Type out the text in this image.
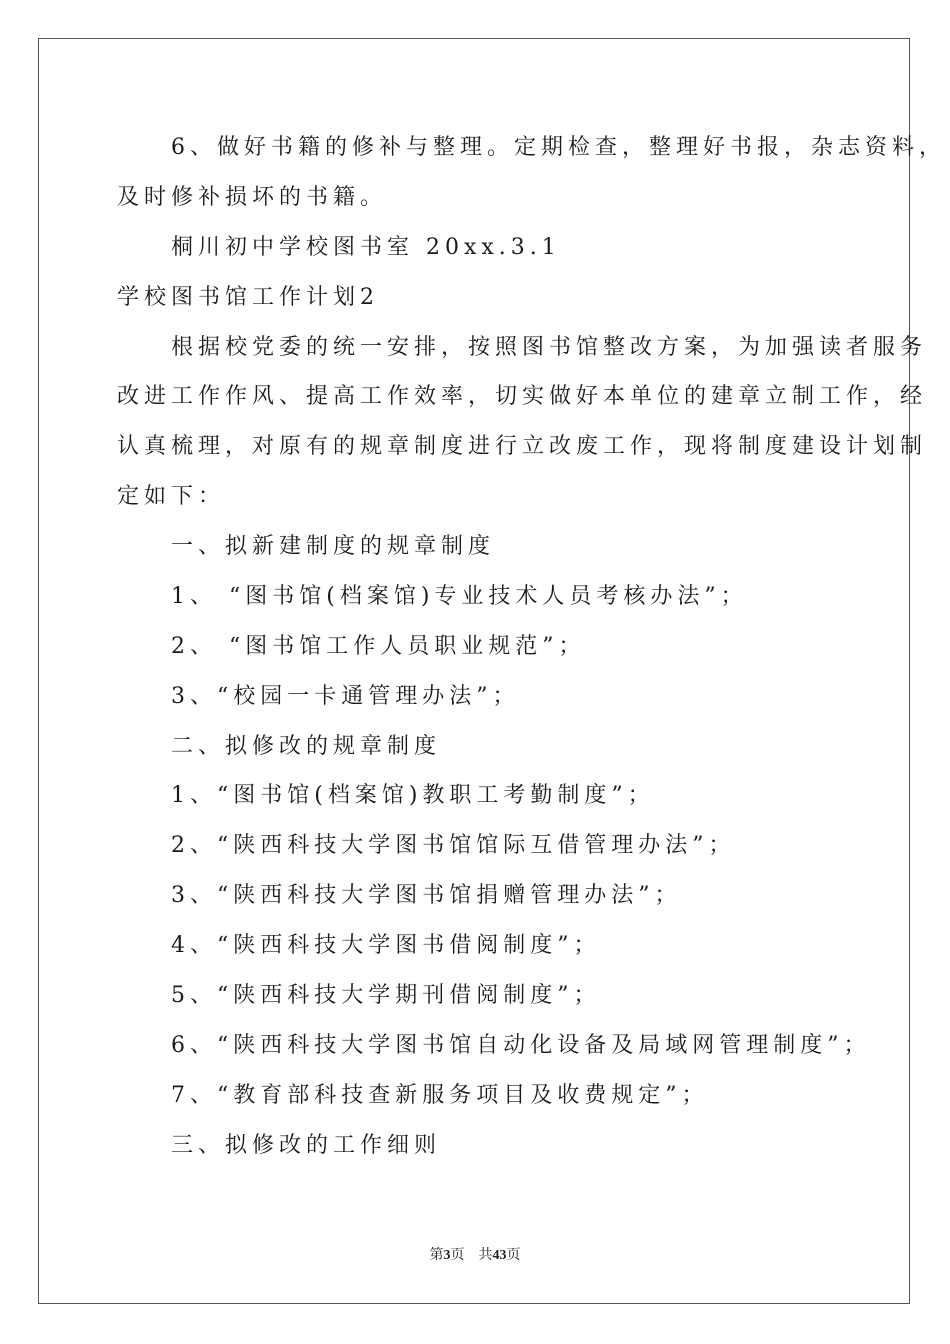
　　6、做好书籍的修补与整理。定期检查，整理好书报，杂志资料，
及时修补损坏的书籍。
　　桐川初中学校图书室 20xx.3.1
学校图书馆工作计划2
　　根据校党委的统一安排，按照图书馆整改方案，为加强读者服务
改进工作作风、提高工作效率，切实做好本单位的建章立制工作，经
认真梳理，对原有的规章制度进行立改废工作，现将制度建设计划制
定如下：
　　一、拟新建制度的规章制度
　　1、 “图书馆(档案馆)专业技术人员考核办法”；
　　2、 “图书馆工作人员职业规范”；
　　3、“校园一卡通管理办法”；
　　二、拟修改的规章制度
　　1、“图书馆(档案馆)教职工考勤制度”；
　　2、“陕西科技大学图书馆馆际互借管理办法”；
　　3、“陕西科技大学图书馆捐赠管理办法”；
　　4、“陕西科技大学图书借阅制度”；
　　5、“陕西科技大学期刊借阅制度”；
　　6、“陕西科技大学图书馆自动化设备及局域网管理制度”；
　　7、“教育部科技查新服务项目及收费规定”；
　　三、拟修改的工作细则
第3页　共43页
